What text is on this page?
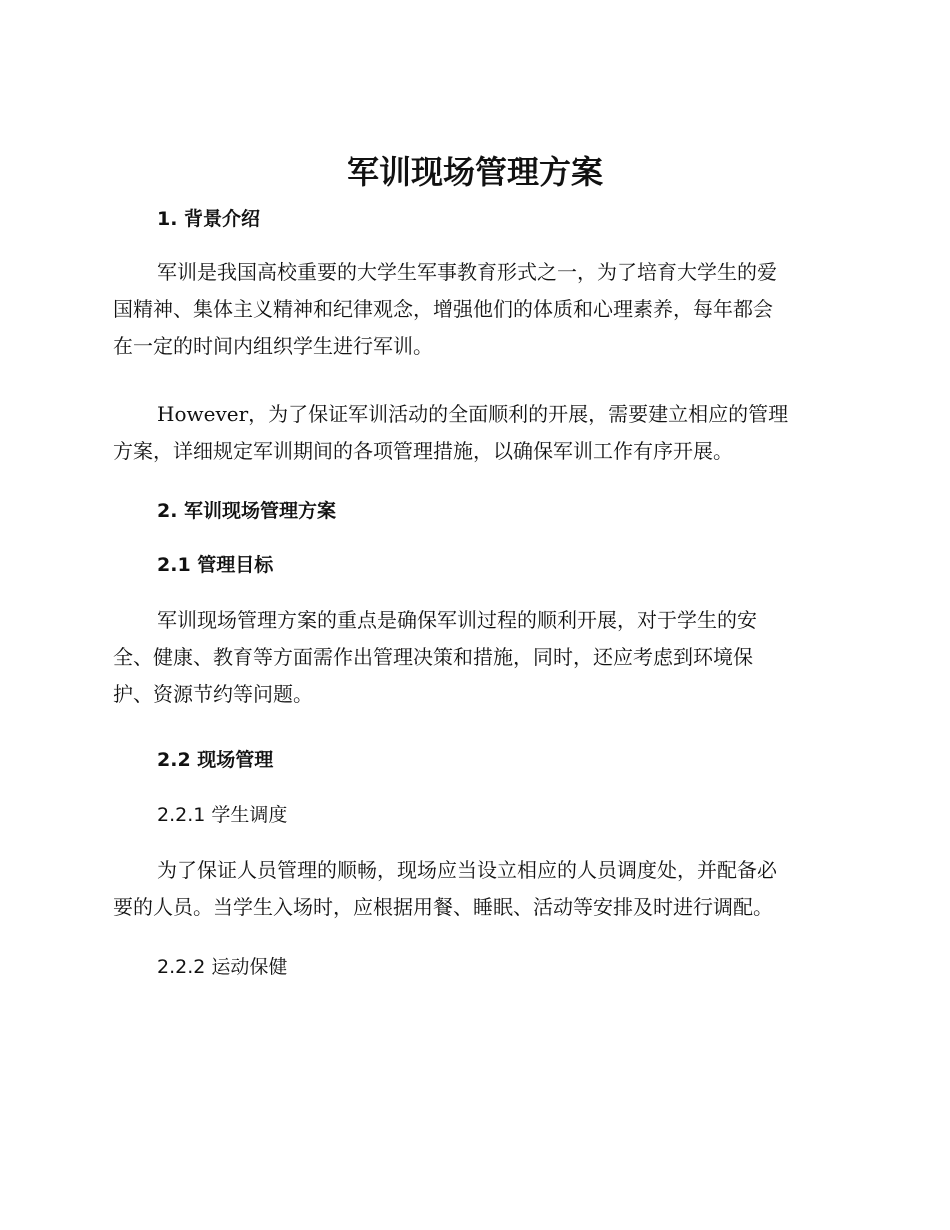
军训现场管理方案
1. 背景介绍

军训是我国高校重要的大学生军事教育形式之一，为了培育大学生的爱
国精神、集体主义精神和纪律观念，增强他们的体质和心理素养，每年都会
在一定的时间内组织学生进行军训。

However，为了保证军训活动的全面顺利的开展，需要建立相应的管理
方案，详细规定军训期间的各项管理措施，以确保军训工作有序开展。

2. 军训现场管理方案
2.1 管理目标

军训现场管理方案的重点是确保军训过程的顺利开展，对于学生的安
全、健康、教育等方面需作出管理决策和措施，同时，还应考虑到环境保
护、资源节约等问题。

2.2 现场管理
2.2.1 学生调度

为了保证人员管理的顺畅，现场应当设立相应的人员调度处，并配备必
要的人员。当学生入场时，应根据用餐、睡眠、活动等安排及时进行调配。

2.2.2 运动保健
